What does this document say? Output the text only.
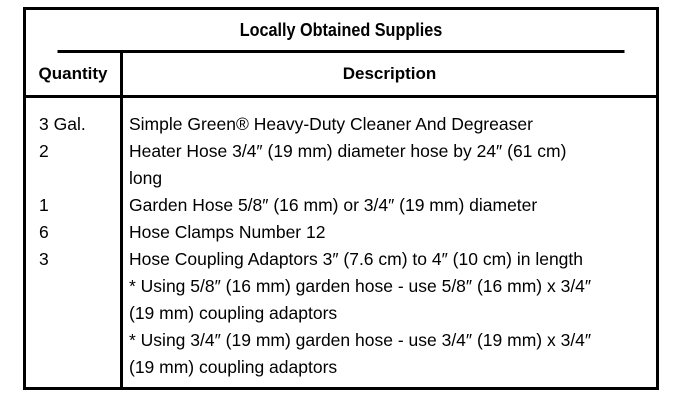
Locally Obtained Supplies
Quantity	Description
3 Gal.
2
1
6
3
Simple Green® Heavy-Duty Cleaner And Degreaser
Heater Hose 3/4″ (19 mm) diameter hose by 24″ (61 cm)
long
Garden Hose 5/8″ (16 mm) or 3/4″ (19 mm) diameter
Hose Clamps Number 12
Hose Coupling Adaptors 3″ (7.6 cm) to 4″ (10 cm) in length
* Using 5/8″ (16 mm) garden hose - use 5/8″ (16 mm) x 3/4″
(19 mm) coupling adaptors
* Using 3/4″ (19 mm) garden hose - use 3/4″ (19 mm) x 3/4″
(19 mm) coupling adaptors
